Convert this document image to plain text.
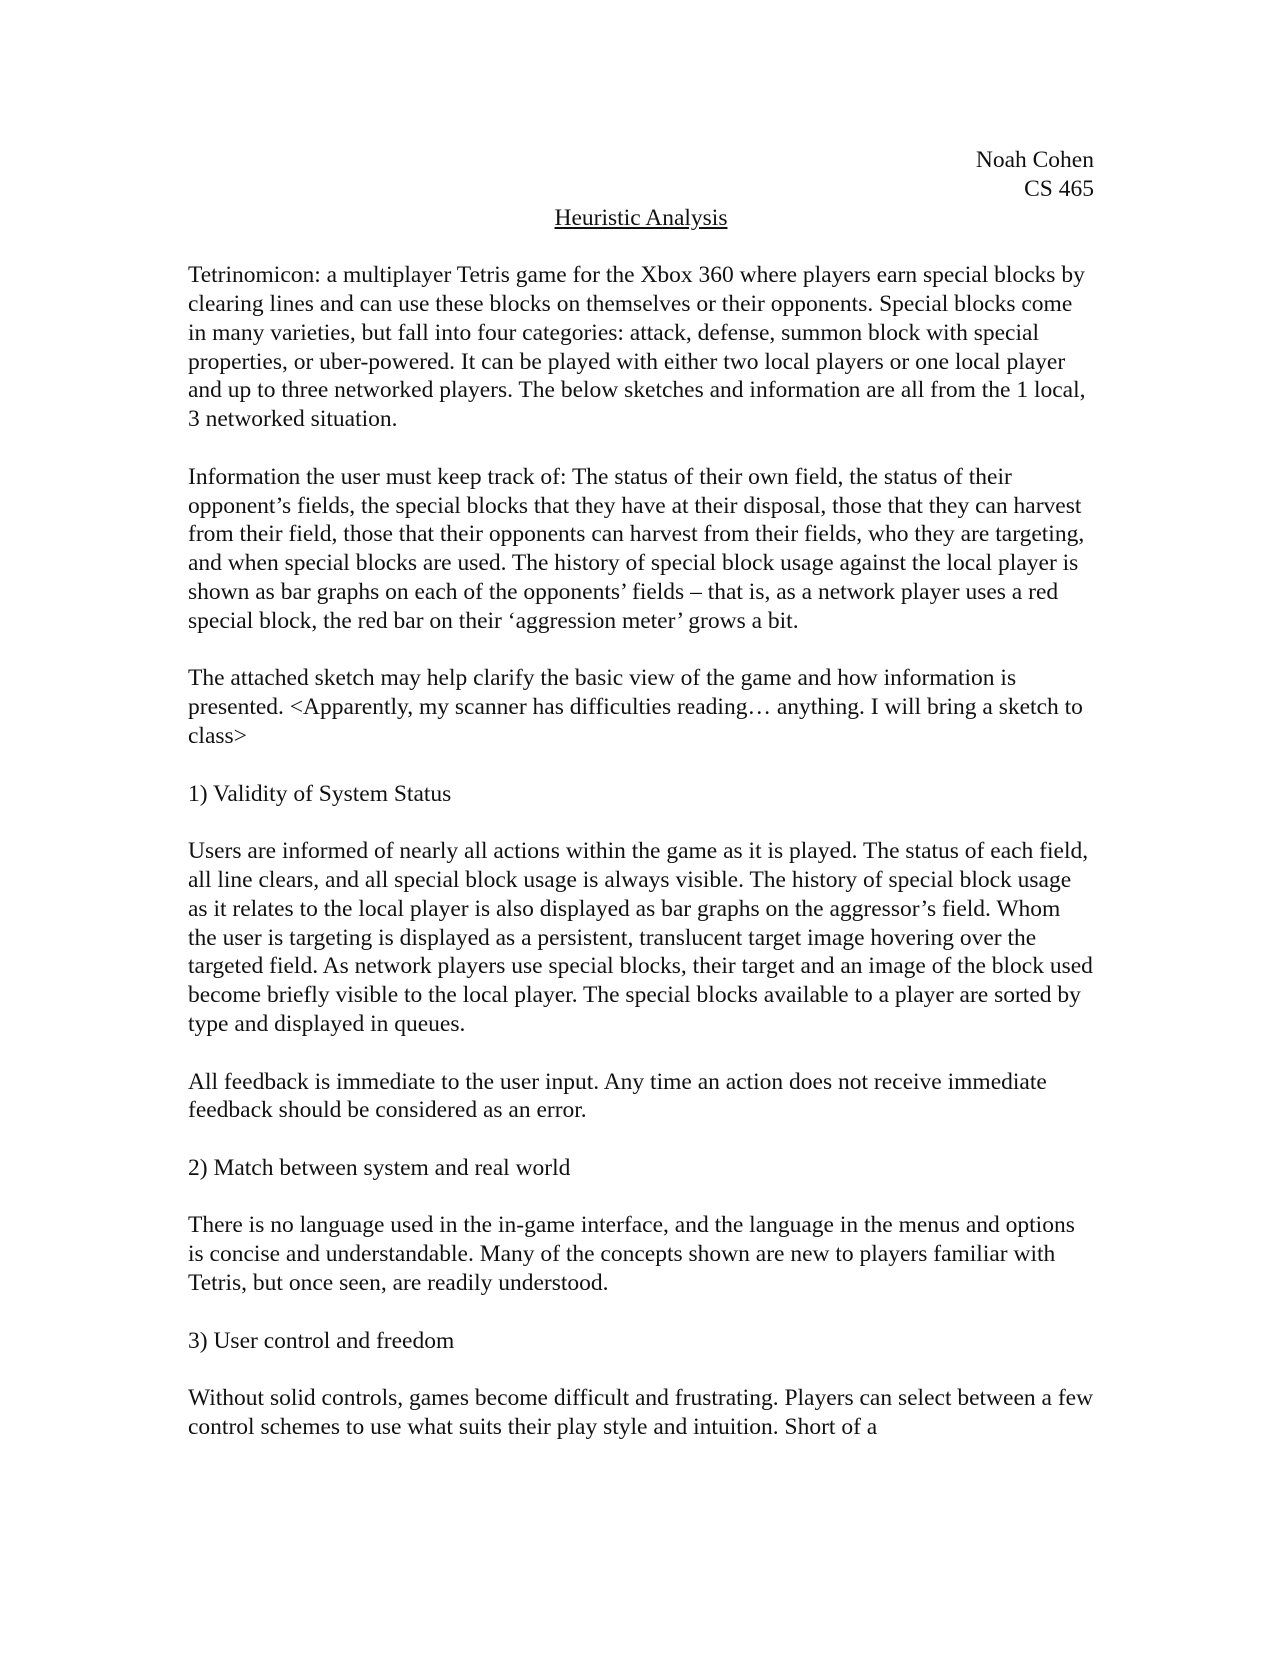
Noah Cohen
CS 465
Heuristic Analysis

Tetrinomicon: a multiplayer Tetris game for the Xbox 360 where players earn special blocks by clearing lines and can use these blocks on themselves or their opponents. Special blocks come in many varieties, but fall into four categories: attack, defense, summon block with special properties, or uber-powered. It can be played with either two local players or one local player and up to three networked players. The below sketches and information are all from the 1 local, 3 networked situation.

Information the user must keep track of: The status of their own field, the status of their opponent’s fields, the special blocks that they have at their disposal, those that they can harvest from their field, those that their opponents can harvest from their fields, who they are targeting, and when special blocks are used. The history of special block usage against the local player is shown as bar graphs on each of the opponents’ fields – that is, as a network player uses a red special block, the red bar on their ‘aggression meter’ grows a bit.

The attached sketch may help clarify the basic view of the game and how information is presented. <Apparently, my scanner has difficulties reading… anything. I will bring a sketch to class>

1) Validity of System Status

Users are informed of nearly all actions within the game as it is played. The status of each field, all line clears, and all special block usage is always visible. The history of special block usage as it relates to the local player is also displayed as bar graphs on the aggressor’s field. Whom the user is targeting is displayed as a persistent, translucent target image hovering over the targeted field. As network players use special blocks, their target and an image of the block used become briefly visible to the local player. The special blocks available to a player are sorted by type and displayed in queues.

All feedback is immediate to the user input. Any time an action does not receive immediate feedback should be considered as an error.

2) Match between system and real world

There is no language used in the in-game interface, and the language in the menus and options is concise and understandable. Many of the concepts shown are new to players familiar with Tetris, but once seen, are readily understood.

3) User control and freedom

Without solid controls, games become difficult and frustrating. Players can select between a few control schemes to use what suits their play style and intuition. Short of a
